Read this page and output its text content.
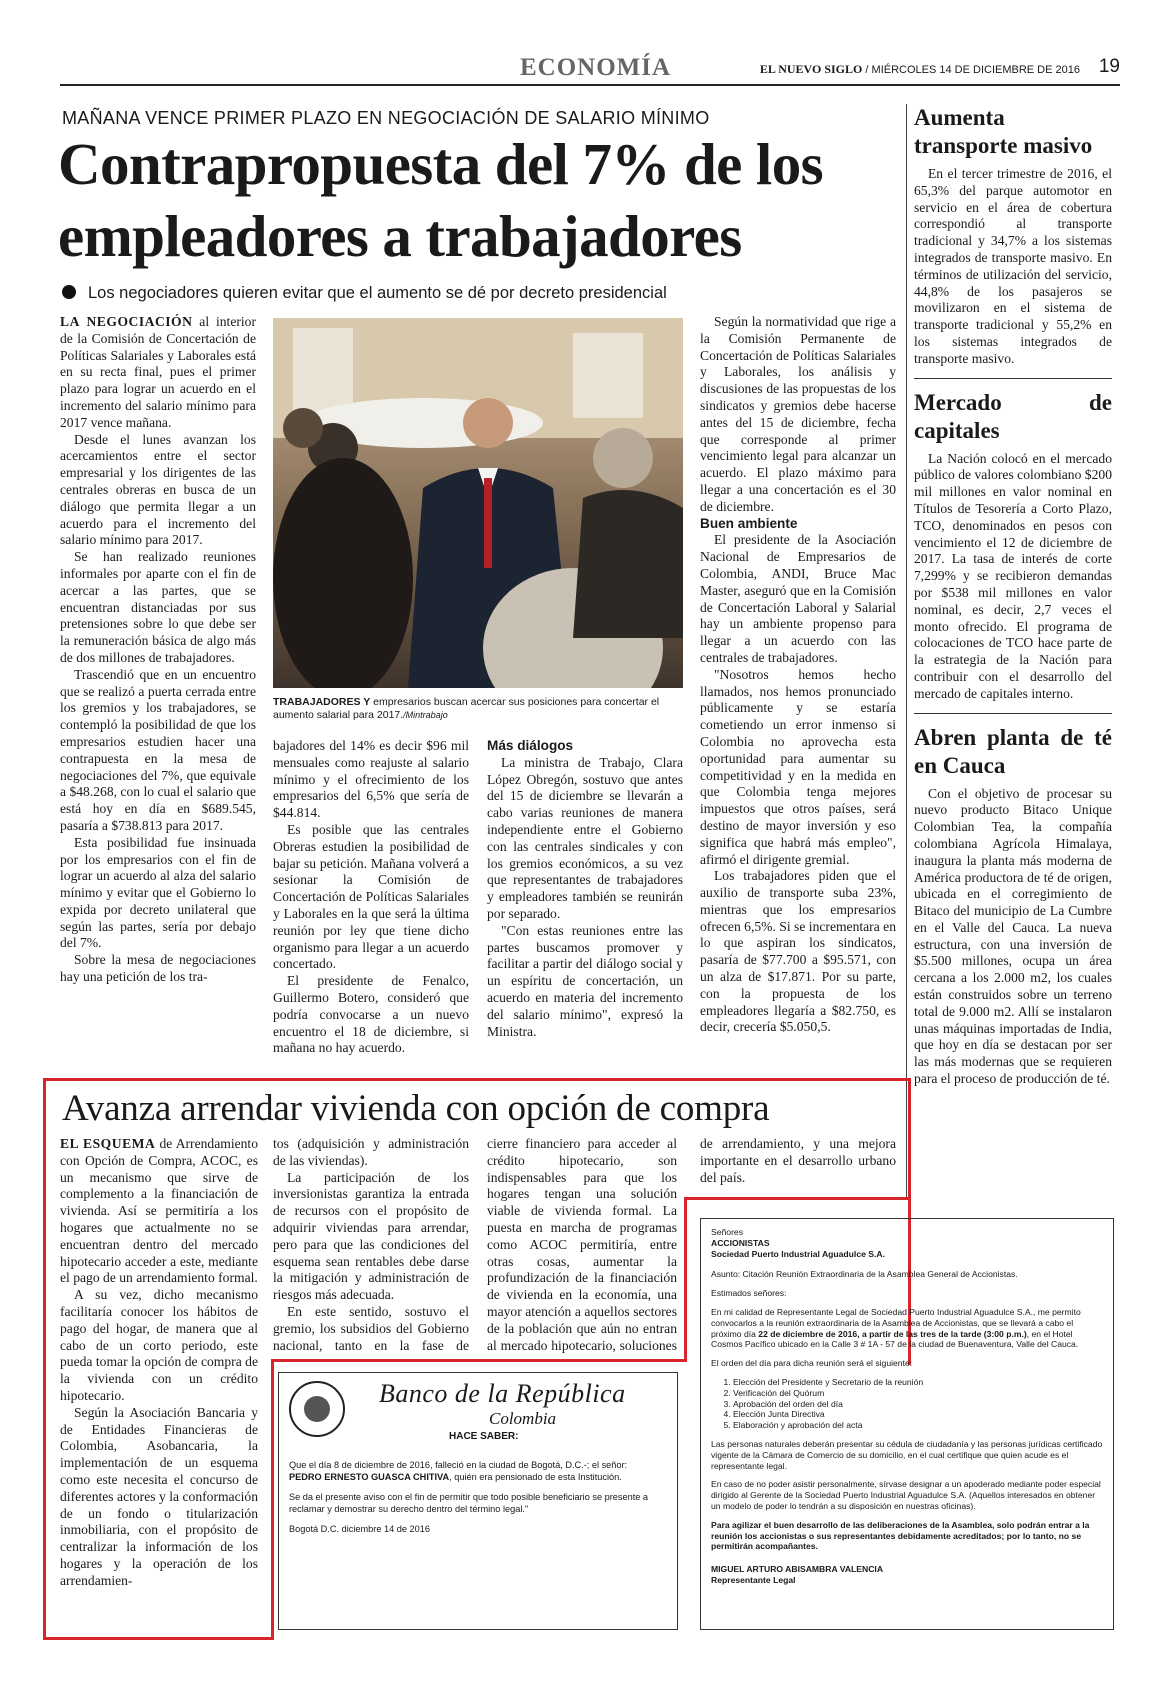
ECONOMÍA	EL NUEVO SIGLO / MIÉRCOLES 14 DE DICIEMBRE DE 2016 19
MAÑANA VENCE PRIMER PLAZO EN NEGOCIACIÓN DE SALARIO MÍNIMO
Contrapropuesta del 7% de los
empleadores a trabajadores
Los negociadores quieren evitar que el aumento se dé por decreto presidencial

LA NEGOCIACIÓN al interior de la Comisión de Concertación de Políticas Salariales y Laborales está en su recta final, pues el primer plazo para lograr un acuerdo en el incremento del salario mínimo para 2017 vence mañana.

Desde el lunes avanzan los acercamientos entre el sector empresarial y los dirigentes de las centrales obreras en busca de un diálogo que permita llegar a un acuerdo para el incremento del salario mínimo para 2017.

Se han realizado reuniones informales por aparte con el fin de acercar a las partes, que se encuentran distanciadas por sus pretensiones sobre lo que debe ser la remuneración básica de algo más de dos millones de trabajadores.

Trascendió que en un encuentro que se realizó a puerta cerrada entre los gremios y los trabajadores, se contempló la posibilidad de que los empresarios estudien hacer una contrapuesta en la mesa de negociaciones del 7%, que equivale a $48.268, con lo cual el salario que está hoy en día en $689.545, pasaría a $738.813 para 2017.

Esta posibilidad fue insinuada por los empresarios con el fin de lograr un acuerdo al alza del salario mínimo y evitar que el Gobierno lo expida por decreto unilateral que según las partes, sería por debajo del 7%.

Sobre la mesa de negociaciones hay una petición de los tra-

TRABAJADORES Y empresarios buscan acercar sus posiciones para concertar el aumento salarial para 2017./Mintrabajo

bajadores del 14% es decir $96 mil mensuales como reajuste al salario mínimo y el ofrecimiento de los empresarios del 6,5% que sería de $44.814.

Es posible que las centrales Obreras estudien la posibilidad de bajar su petición. Mañana volverá a sesionar la Comisión de Concertación de Políticas Salariales y Laborales en la que será la última reunión por ley que tiene dicho organismo para llegar a un acuerdo concertado.

El presidente de Fenalco, Guillermo Botero, consideró que podría convocarse a un nuevo encuentro el 18 de diciembre, si mañana no hay acuerdo.

Más diálogos

La ministra de Trabajo, Clara López Obregón, sostuvo que antes del 15 de diciembre se llevarán a cabo varias reuniones de manera independiente entre el Gobierno con las centrales sindicales y con los gremios económicos, a su vez que representantes de trabajadores y empleadores también se reunirán por separado.

"Con estas reuniones entre las partes buscamos promover y facilitar a partir del diálogo social y un espíritu de concertación, un acuerdo en materia del incremento del salario mínimo", expresó la Ministra.

Según la normatividad que rige a la Comisión Permanente de Concertación de Políticas Salariales y Laborales, los análisis y discusiones de las propuestas de los sindicatos y gremios debe hacerse antes del 15 de diciembre, fecha que corresponde al primer vencimiento legal para alcanzar un acuerdo. El plazo máximo para llegar a una concertación es el 30 de diciembre.

Buen ambiente

El presidente de la Asociación Nacional de Empresarios de Colombia, ANDI, Bruce Mac Master, aseguró que en la Comisión de Concertación Laboral y Salarial hay un ambiente propenso para llegar a un acuerdo con las centrales de trabajadores.

"Nosotros hemos hecho llamados, nos hemos pronunciado públicamente y se estaría cometiendo un error inmenso si Colombia no aprovecha esta oportunidad para aumentar su competitividad y en la medida en que Colombia tenga mejores impuestos que otros países, será destino de mayor inversión y eso significa que habrá más empleo", afirmó el dirigente gremial.

Los trabajadores piden que el auxilio de transporte suba 23%, mientras que los empresarios ofrecen 6,5%. Si se incrementara en lo que aspiran los sindicatos, pasaría de $77.700 a $95.571, con un alza de $17.871. Por su parte, con la propuesta de los empleadores llegaría a $82.750, es decir, crecería $5.050,5.

Aumenta transporte masivo

En el tercer trimestre de 2016, el 65,3% del parque automotor en servicio en el área de cobertura correspondió al transporte tradicional y 34,7% a los sistemas integrados de transporte masivo. En términos de utilización del servicio, 44,8% de los pasajeros se movilizaron en el sistema de transporte tradicional y 55,2% en los sistemas integrados de transporte masivo.

Mercado de capitales

La Nación colocó en el mercado público de valores colombiano $200 mil millones en valor nominal en Títulos de Tesorería a Corto Plazo, TCO, denominados en pesos con vencimiento el 12 de diciembre de 2017. La tasa de interés de corte 7,299% y se recibieron demandas por $538 mil millones en valor nominal, es decir, 2,7 veces el monto ofrecido. El programa de colocaciones de TCO hace parte de la estrategia de la Nación para contribuir con el desarrollo del mercado de capitales interno.

Abren planta de té en Cauca

Con el objetivo de procesar su nuevo producto Bitaco Unique Colombian Tea, la compañía colombiana Agrícola Himalaya, inaugura la planta más moderna de América productora de té de origen, ubicada en el corregimiento de Bitaco del municipio de La Cumbre en el Valle del Cauca. La nueva estructura, con una inversión de $5.500 millones, ocupa un área cercana a los 2.000 m2, los cuales están construidos sobre un terreno total de 9.000 m2. Allí se instalaron unas máquinas importadas de India, que hoy en día se destacan por ser las más modernas que se requieren para el proceso de producción de té.

Avanza arrendar vivienda con opción de compra

EL ESQUEMA de Arrendamiento con Opción de Compra, ACOC, es un mecanismo que sirve de complemento a la financiación de vivienda. Así se permitiría a los hogares que actualmente no se encuentran dentro del mercado hipotecario acceder a este, mediante el pago de un arrendamiento formal.

A su vez, dicho mecanismo facilitaría conocer los hábitos de pago del hogar, de manera que al cabo de un corto periodo, este pueda tomar la opción de compra de la vivienda con un crédito hipotecario.

Según la Asociación Bancaria y de Entidades Financieras de Colombia, Asobancaria, la implementación de un esquema como este necesita el concurso de diferentes actores y la conformación de un fondo o titularización inmobiliaria, con el propósito de centralizar la información de los hogares y la operación de los arrendamien-

tos (adquisición y administración de las viviendas).

La participación de los inversionistas garantiza la entrada de recursos con el propósito de adquirir viviendas para arrendar, pero para que las condiciones del esquema sean rentables debe darse la mitigación y administración de riesgos más adecuada.

En este sentido, sostuvo el gremio, los subsidios del Gobierno nacional, tanto en la fase de

cierre financiero para acceder al crédito hipotecario, son indispensables para que los hogares tengan una solución viable de vivienda formal. La puesta en marcha de programas como ACOC permitiría, entre otras cosas, aumentar la profundización de la financiación de vivienda en la economía, una mayor atención a aquellos sectores de la población que aún no entran al mercado hipotecario, soluciones

de arrendamiento, y una mejora importante en el desarrollo urbano del país.

BANCO DE LA REPÚBLICA · COLOMBIA
Banco de la República
Colombia
HACE SABER:

Que el día 8 de diciembre de 2016, falleció en la ciudad de Bogotá, D.C.-; el señor: PEDRO ERNESTO GUASCA CHITIVA, quién era pensionado de esta Institución.

Se da el presente aviso con el fin de permitir que todo posible beneficiario se presente a reclamar y demostrar su derecho dentro del término legal."

Bogotá D.C. diciembre 14 de 2016

Señores
ACCIONISTAS
Sociedad Puerto Industrial Aguadulce S.A.

Asunto: Citación Reunión Extraordinaria de la Asamblea General de Accionistas.

Estimados señores:

En mi calidad de Representante Legal de Sociedad Puerto Industrial Aguadulce S.A., me permito convocarlos a la reunión extraordinaria de la Asamblea de Accionistas, que se llevará a cabo el próximo día 22 de diciembre de 2016, a partir de las tres de la tarde (3:00 p.m.), en el Hotel Cosmos Pacífico ubicado en la Calle 3 # 1A - 57 de la ciudad de Buenaventura, Valle del Cauca.

El orden del día para dicha reunión será el siguiente:

1. Elección del Presidente y Secretario de la reunión
2. Verificación del Quórum
3. Aprobación del orden del día
4. Elección Junta Directiva
5. Elaboración y aprobación del acta

Las personas naturales deberán presentar su cédula de ciudadanía y las personas jurídicas certificado vigente de la Cámara de Comercio de su domicilio, en el cual certifique que quien acude es el representante legal.

En caso de no poder asistir personalmente, sírvase designar a un apoderado mediante poder especial dirigido al Gerente de la Sociedad Puerto Industrial Aguadulce S.A. (Aquellos interesados en obtener un modelo de poder lo tendrán a su disposición en nuestras oficinas).

Para agilizar el buen desarrollo de las deliberaciones de la Asamblea, solo podrán entrar a la reunión los accionistas o sus representantes debidamente acreditados; por lo tanto, no se permitirán acompañantes.

MIGUEL ARTURO ABISAMBRA VALENCIA
Representante Legal
